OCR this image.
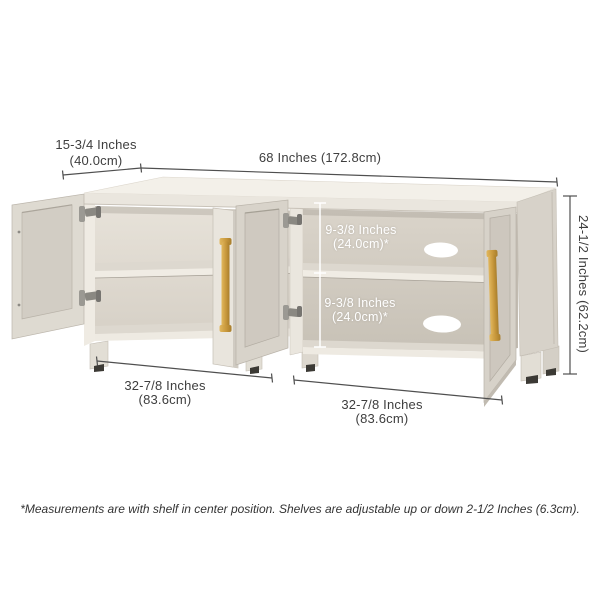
15-3/4 Inches
(40.0cm)	68 Inches (172.8cm)
24-1/2 Inches (62.2cm)
9-3/8 Inches
(24.0cm)*
9-3/8 Inches
(24.0cm)*
32-7/8 Inches
(83.6cm)	32-7/8 Inches
(83.6cm)
*Measurements are with shelf in center position. Shelves are adjustable up or down 2-1/2 Inches (6.3cm).
